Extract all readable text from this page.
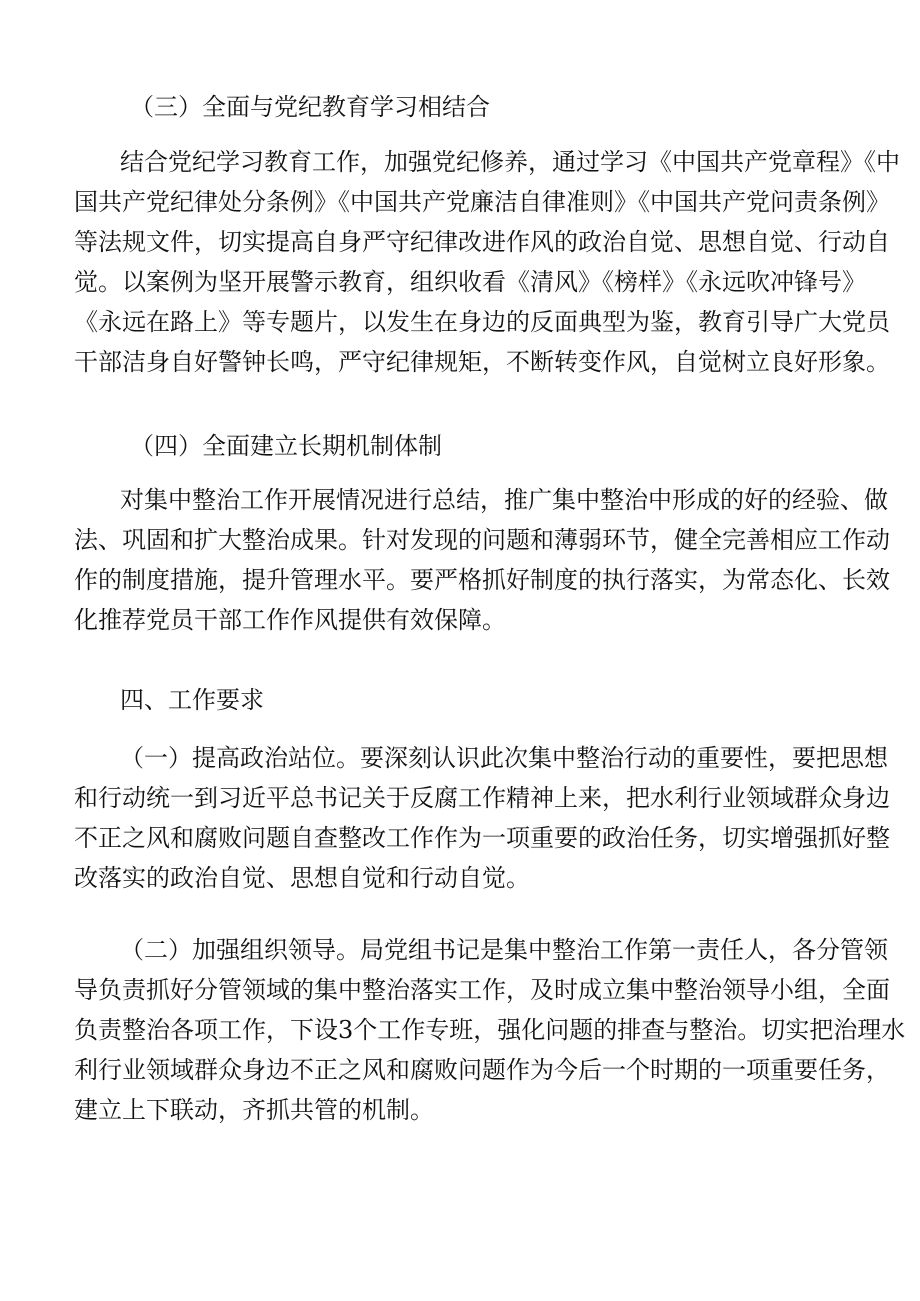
（三）全面与党纪教育学习相结合
结合党纪学习教育工作，加强党纪修养，通过学习《中国共产党章程》《中
国共产党纪律处分条例》《中国共产党廉洁自律准则》《中国共产党问责条例》
等法规文件，切实提高自身严守纪律改进作风的政治自觉、思想自觉、行动自
觉。以案例为坚开展警示教育，组织收看《清风》《榜样》《永远吹冲锋号》
《永远在路上》等专题片，以发生在身边的反面典型为鉴，教育引导广大党员
干部洁身自好警钟长鸣，严守纪律规矩，不断转变作风，自觉树立良好形象。
（四）全面建立长期机制体制
对集中整治工作开展情况进行总结，推广集中整治中形成的好的经验、做
法、巩固和扩大整治成果。针对发现的问题和薄弱环节，健全完善相应工作动
作的制度措施，提升管理水平。要严格抓好制度的执行落实，为常态化、长效
化推荐党员干部工作作风提供有效保障。
四、工作要求
（一）提高政治站位。要深刻认识此次集中整治行动的重要性，要把思想
和行动统一到习近平总书记关于反腐工作精神上来，把水利行业领域群众身边
不正之风和腐败问题自查整改工作作为一项重要的政治任务，切实增强抓好整
改落实的政治自觉、思想自觉和行动自觉。
（二）加强组织领导。局党组书记是集中整治工作第一责任人，各分管领
导负责抓好分管领域的集中整治落实工作，及时成立集中整治领导小组，全面
负责整治各项工作，下设3个工作专班，强化问题的排查与整治。切实把治理水
利行业领域群众身边不正之风和腐败问题作为今后一个时期的一项重要任务，
建立上下联动，齐抓共管的机制。
